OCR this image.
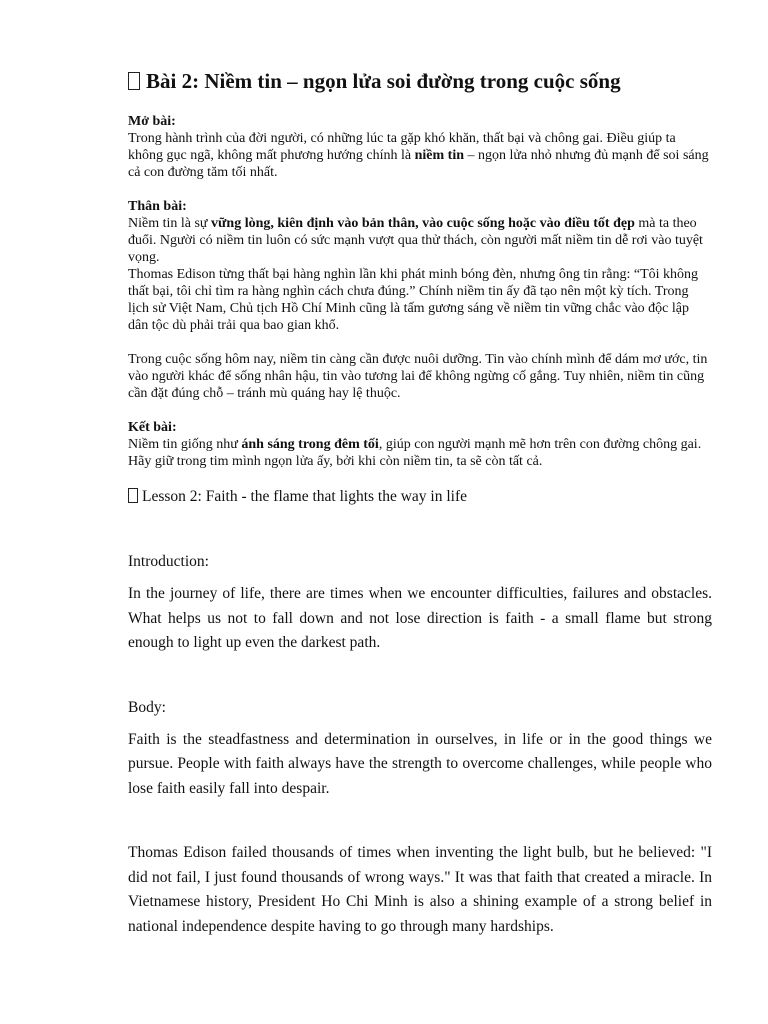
Bài 2: Niềm tin – ngọn lửa soi đường trong cuộc sống
Mở bài:

Trong hành trình của đời người, có những lúc ta gặp khó khăn, thất bại và chông gai. Điều giúp ta không gục ngã, không mất phương hướng chính là niềm tin – ngọn lửa nhỏ nhưng đủ mạnh để soi sáng cả con đường tăm tối nhất.

Thân bài:

Niềm tin là sự vững lòng, kiên định vào bản thân, vào cuộc sống hoặc vào điều tốt đẹp mà ta theo đuổi. Người có niềm tin luôn có sức mạnh vượt qua thử thách, còn người mất niềm tin dễ rơi vào tuyệt vọng.

Thomas Edison từng thất bại hàng nghìn lần khi phát minh bóng đèn, nhưng ông tin rằng: “Tôi không thất bại, tôi chỉ tìm ra hàng nghìn cách chưa đúng.” Chính niềm tin ấy đã tạo nên một kỳ tích. Trong lịch sử Việt Nam, Chủ tịch Hồ Chí Minh cũng là tấm gương sáng về niềm tin vững chắc vào độc lập dân tộc dù phải trải qua bao gian khổ.

Trong cuộc sống hôm nay, niềm tin càng cần được nuôi dưỡng. Tin vào chính mình để dám mơ ước, tin vào người khác để sống nhân hậu, tin vào tương lai để không ngừng cố gắng. Tuy nhiên, niềm tin cũng cần đặt đúng chỗ – tránh mù quáng hay lệ thuộc.

Kết bài:

Niềm tin giống như ánh sáng trong đêm tối, giúp con người mạnh mẽ hơn trên con đường chông gai. Hãy giữ trong tim mình ngọn lửa ấy, bởi khi còn niềm tin, ta sẽ còn tất cả.

Lesson 2: Faith - the flame that lights the way in life
Introduction:

In the journey of life, there are times when we encounter difficulties, failures and obstacles. What helps us not to fall down and not lose direction is faith - a small flame but strong enough to light up even the darkest path.

Body:

Faith is the steadfastness and determination in ourselves, in life or in the good things we pursue. People with faith always have the strength to overcome challenges, while people who lose faith easily fall into despair.

Thomas Edison failed thousands of times when inventing the light bulb, but he believed: "I did not fail, I just found thousands of wrong ways." It was that faith that created a miracle. In Vietnamese history, President Ho Chi Minh is also a shining example of a strong belief in national independence despite having to go through many hardships.
